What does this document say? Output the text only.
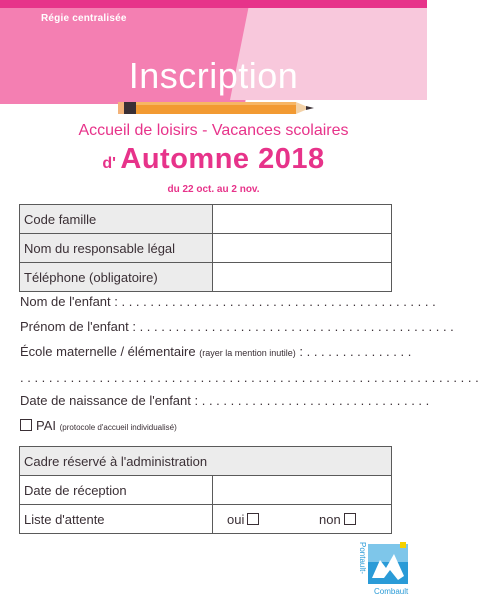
Régie centralisée
Inscription
Accueil de loisirs - Vacances scolaires
d' Automne 2018
du 22 oct. au 2 nov.
Code famille	
Nom du responsable légal	
Téléphone (obligatoire)	
Nom de l'enfant : . . . . . . . . . . . . . . . . . . . . . . . . . . . . . . . . . . . . . . . . . . . .
Prénom de l'enfant : . . . . . . . . . . . . . . . . . . . . . . . . . . . . . . . . . . . . . . . . . . . .
École maternelle / élémentaire (rayer la mention inutile) : . . . . . . . . . . . . . . .
. . . . . . . . . . . . . . . . . . . . . . . . . . . . . . . . . . . . . . . . . . . . . . . . . . . . . . . . . . . . . . . .
Date de naissance de l'enfant : . . . . . . . . . . . . . . . . . . . . . . . . . . . . . . . .
PAI (protocole d'accueil individualisé)
Cadre réservé à l'administration	
Date de réception	
Liste d'attente	oui non
Pontault-
Combault
